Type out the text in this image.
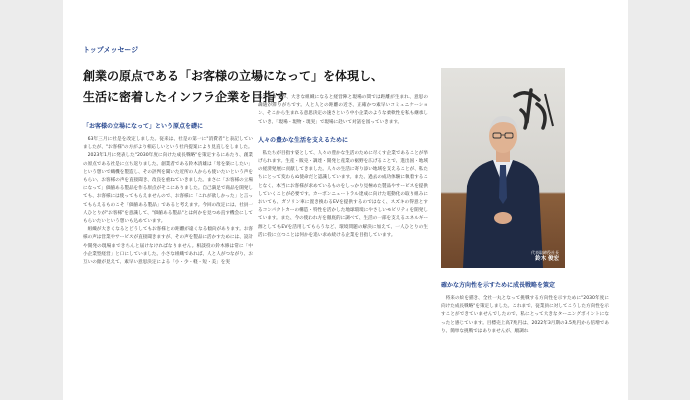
トップメッセージ
創業の原点である「お客様の立場になって」を体現し、
生活に密着したインフラ企業を目指す
「お客様の立場になって」という原点を礎に

63年三月に社是を改定しました。従来は、社是の第一に"消費者"と表記していましたが、"お客様"の方がより相応しいという社内提案により見直しをしました。

2023年1月に発表した"2030年度に向けた成長戦略"を策定するにあたり、創業の原点である社是に立ち返りました。創業者である鈴木清雄は「母を楽にしたい」という想いで織機を製造し、その評判を聞いた近所の人からも使いたいという声をもらい、お客様の声を直接聞き、改良を重ねていきました。まさに「お客様の立場になって」価値ある製品を作る原点がそこにありました。自己満足で商品を開発しても、お客様には使ってもらえませんので、お客様に「これが欲しかった」と言ってもらえるものこそ「価値ある製品」であると考えます。今回の改定には、社員一人ひとりが"お客様"を意識して、"価値ある製品"とは何かを見つめ直す機会にしてもらいたいという想いも込めています。

組織が大きくなるとどうしてもお客様との距離が遠くなる傾向があります。お客様の声は営業やサービスが直接聞きますが、その声を製品に活かすためには、設計や開発の現場まできちんと届けなければなりません。相談役の鈴木修は常に「中小企業型経営」と口にしていました。小さな組織であれば、人と人がつながり、お互いの顔が見えて、素早い意思決定による「小・少・軽・短・美」を実

践できますが、大きな組織になると経営陣と現場の間では距離が生まれ、意思の疎通が滞りがちです。人と人との距離の近さ、正確かつ素早いコミュニケーション、そこから生まれる意思決定の速さという中小企業のような柔軟性を私も継承していき、「現場・現物・現実」で現場に赴いて対話を図っていきます。
人々の豊かな生活を支えるために

私たちが目指す姿として、人々の豊かな生活のために尽くす企業であることが挙げられます。生産・販売・調達・開発と産業の裾野を広げることで、進出国・地域の経済発展に貢献してきました。人々の生活に寄り添い地域を支えることが、私たちにとって変わらぬ使命だと認識しています。また、過去の成功体験に執着することなく、本当にお客様が求めているものをしっかり見極めた製品やサービスを提供していくことが必要です。カーボンニュートラル達成に向けた電動化の取り組みにおいても、ガソリン車に置き換わるEVを提供するのではなく、スズキの得意とするコンパクトカーの構造・特性を活かした地球環境にやさしいモビリティを開発しています。また、今の使われ方を徹底的に調べて、生活の一部を支えるエネルギー源としてもEVを活用してもらうなど、環境問題の解決に加えて、一人ひとりの生活に役に立つことは何かを追い求め続ける企業を目指しています。

代表取締役社長
鈴木 俊宏
確かな方向性を示すために成長戦略を策定

将来の絵を描き、全社一丸となって挑戦する方向性を示すために"2030年度に向けた成長戦略"を策定しました。これまで、従業員に対してこうした方向性を示すことができていませんでしたので、私にとって大きなターニングポイントになったと感じています。目標売上高7兆円は、2022年3月期の3.5兆円から倍増であり、簡単な挑戦ではありませんが、順調れ
